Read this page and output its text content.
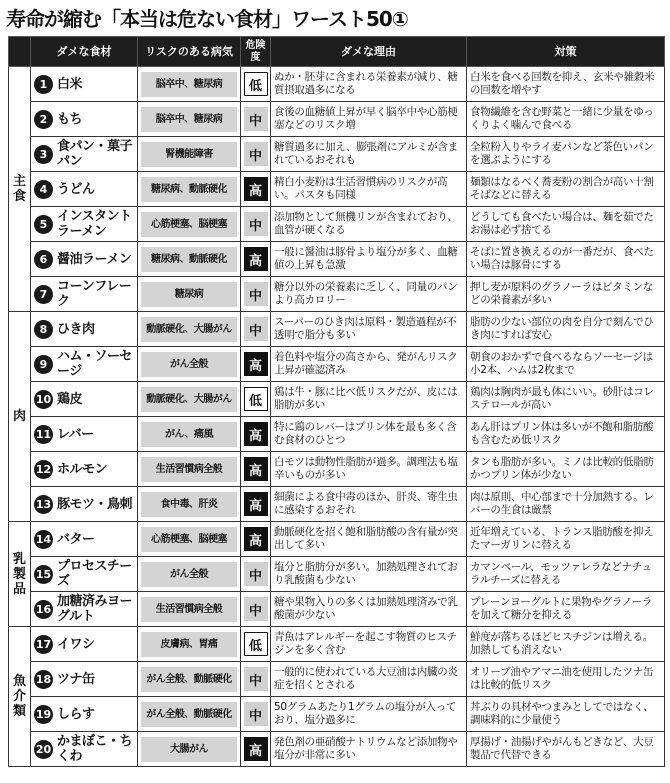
寿命が縮む「本当は危ない食材」ワースト50①
	ダメな食材	リスクのある病気	危険度	ダメな理由	対策

主食	1 白米	脳卒中、糖尿病	低	ぬか・胚芽に含まれる栄養素が減り、糖質摂取過多になる	白米を食べる回数を抑え、玄米や雑穀米の回数を増やす

2 もち	脳卒中、糖尿病	中	食後の血糖値上昇が早く脳卒中や心筋梗塞などのリスク増	食物繊維を含む野菜と一緒に少量をゆっくりよく噛んで食べる

3 食パン・菓子パン	腎機能障害	中	糖質過多に加え、膨張剤にアルミが含まれているおそれも	全粒粉入りやライ麦パンなど茶色いパンを選ぶようにする

4 うどん	糖尿病、動脈硬化	高	精白小麦粉は生活習慣病のリスクが高い。パスタも同様	麺類はなるべく蕎麦粉の割合が高い十割そばなどに替える

5 インスタントラーメン	心筋梗塞、脳梗塞	中	添加物として無機リンが含まれており、血管が硬くなる	どうしても食べたい場合は、麺を茹でたお湯は必ず捨てる

6 醤油ラーメン	糖尿病、動脈硬化	高	一般に醤油は豚骨より塩分が多く、血糖値の上昇も急激	そばに置き換えるのが一番だが、食べたい場合は豚骨にする

7 コーンフレーク	糖尿病	中	糖分以外の栄養素に乏しく、同量のパンより高カロリー	押し麦が原料のグラノーラはビタミンなどの栄養素が多い

肉	8 ひき肉	動脈硬化、大腸がん	中	スーパーのひき肉は原料・製造過程が不透明で脂分も多い	脂肪の少ない部位の肉を自分で刻んでひき肉にすれば安心

9 ハム・ソーセージ	がん全般	高	着色料や塩分の高さから、発がんリスク上昇が確認済み	朝食のおかずで食べるならソーセージは小2本、ハムは2枚まで

10 鶏皮	動脈硬化、大腸がん	低	鶏は牛・豚に比べ低リスクだが、皮には脂肪が多い	鶏肉は胸肉が最も体にいい。砂肝はコレステロールが高い

11 レバー	がん、痛風	高	特に鶏のレバーはプリン体を最も多く含む食材のひとつ	あん肝はプリン体は多いが不飽和脂肪酸も含むため低リスク

12 ホルモン	生活習慣病全般	高	白モツは動物性脂肪が過多。調理法も塩辛いものが多い	タンも脂肪が多い。ミノは比較的低脂肪かつプリン体が少ない

13 豚モツ・鳥刺	食中毒、肝炎	高	細菌による食中毒のほか、肝炎、寄生虫に感染するおそれ	肉は原則、中心部まで十分加熱する。レバーの生食は厳禁

乳製品	14 バター	心筋梗塞、脳梗塞	高	動脈硬化を招く飽和脂肪酸の含有量が突出して多い	近年増えている、トランス脂肪酸を抑えたマーガリンに替える

15 プロセスチーズ	がん全般	中	塩分と脂肪分が多い。加熱処理されており乳酸菌も少ない	カマンベール、モッツァレラなどナチュラルチーズに替える

16 加糖済みヨーグルト	生活習慣病全般	中	糖や果物入りの多くは加熱処理済みで乳酸菌が少ない	プレーンヨーグルトに果物やグラノーラを加えて糖分を抑える

魚介類	17 イワシ	皮膚病、胃痛	低	青魚はアレルギーを起こす物質のヒスチジンを多く含む	鮮度が落ちるほどヒスチジンは増える。加熱しても消えない

18 ツナ缶	がん全般、動脈硬化	中	一般的に使われている大豆油は内臓の炎症を招くとされる	オリーブ油やアマニ油を使用したツナ缶は比較的低リスク

19 しらす	がん全般、動脈硬化	中	50グラムあたり1グラムの塩分が入っており、塩分過多に	丼ぶりの具材やつまみとしてではなく、調味料的に少量使う

20 かまぼこ・ちくわ	大腸がん	高	発色剤の亜硝酸ナトリウムなど添加物や塩分が非常に多い	厚揚げ・油揚げやがんもどきなど、大豆製品で代替できる
